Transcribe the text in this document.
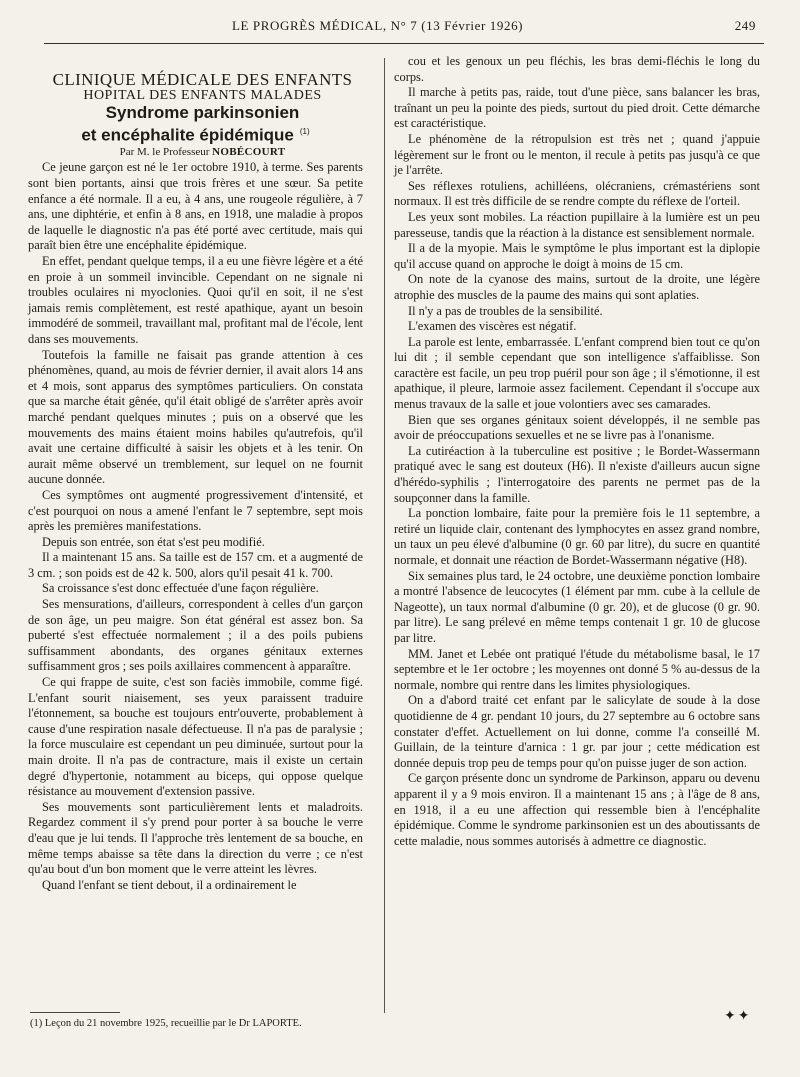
LE PROGRÈS MÉDICAL, N° 7 (13 Février 1926)	249

CLINIQUE MÉDICALE DES ENFANTS

HOPITAL DES ENFANTS MALADES

Syndrome parkinsonien
et encéphalite épidémique $^{(1)}$

Par M. le Professeur NOBÉCOURT

Ce jeune garçon est né le 1er octobre 1910, à terme. Ses parents sont bien portants, ainsi que trois frères et une sœur. Sa petite enfance a été normale. Il a eu, à 4 ans, une rougeole régulière, à 7 ans, une diphtérie, et enfin à 8 ans, en 1918, une maladie à propos de laquelle le diagnostic n'a pas été porté avec certitude, mais qui paraît bien être une encéphalite épidémique.

En effet, pendant quelque temps, il a eu une fièvre légère et a été en proie à un sommeil invincible. Cependant on ne signale ni troubles oculaires ni myoclonies. Quoi qu'il en soit, il ne s'est jamais remis complètement, est resté apathique, ayant un besoin immodéré de sommeil, travaillant mal, profitant mal de l'école, lent dans ses mouvements.

Toutefois la famille ne faisait pas grande attention à ces phénomènes, quand, au mois de février dernier, il avait alors 14 ans et 4 mois, sont apparus des symptômes particuliers. On constata que sa marche était gênée, qu'il était obligé de s'arrêter après avoir marché pendant quelques minutes ; puis on a observé que les mouvements des mains étaient moins habiles qu'autrefois, qu'il avait une certaine difficulté à saisir les objets et à les tenir. On aurait même observé un tremblement, sur lequel on ne fournit aucune donnée.

Ces symptômes ont augmenté progressivement d'intensité, et c'est pourquoi on nous a amené l'enfant le 7 septembre, sept mois après les premières manifestations.

Depuis son entrée, son état s'est peu modifié.

Il a maintenant 15 ans. Sa taille est de 157 cm. et a augmenté de 3 cm. ; son poids est de 42 k. 500, alors qu'il pesait 41 k. 700.

Sa croissance s'est donc effectuée d'une façon régulière.

Ses mensurations, d'ailleurs, correspondent à celles d'un garçon de son âge, un peu maigre. Son état général est assez bon. Sa puberté s'est effectuée normalement ; il a des poils pubiens suffisamment abondants, des organes génitaux externes suffisamment gros ; ses poils axillaires commencent à apparaître.

Ce qui frappe de suite, c'est son faciès immobile, comme figé. L'enfant sourit niaisement, ses yeux paraissent traduire l'étonnement, sa bouche est toujours entr'ouverte, probablement à cause d'une respiration nasale défectueuse. Il n'a pas de paralysie ; la force musculaire est cependant un peu diminuée, surtout pour la main droite. Il n'a pas de contracture, mais il existe un certain degré d'hypertonie, notamment au biceps, qui oppose quelque résistance au mouvement d'extension passive.

Ses mouvements sont particulièrement lents et maladroits. Regardez comment il s'y prend pour porter à sa bouche le verre d'eau que je lui tends. Il l'approche très lentement de sa bouche, en même temps abaisse sa tête dans la direction du verre ; ce n'est qu'au bout d'un bon moment que le verre atteint les lèvres.

Quand l'enfant se tient debout, il a ordinairement le

cou et les genoux un peu fléchis, les bras demi-fléchis le long du corps.

Il marche à petits pas, raide, tout d'une pièce, sans balancer les bras, traînant un peu la pointe des pieds, surtout du pied droit. Cette démarche est caractéristique.

Le phénomène de la rétropulsion est très net ; quand j'appuie légèrement sur le front ou le menton, il recule à petits pas jusqu'à ce que je l'arrête.

Ses réflexes rotuliens, achilléens, olécraniens, crémastériens sont normaux. Il est très difficile de se rendre compte du réflexe de l'orteil.

Les yeux sont mobiles. La réaction pupillaire à la lumière est un peu paresseuse, tandis que la réaction à la distance est sensiblement normale.

Il a de la myopie. Mais le symptôme le plus important est la diplopie qu'il accuse quand on approche le doigt à moins de 15 cm.

On note de la cyanose des mains, surtout de la droite, une légère atrophie des muscles de la paume des mains qui sont aplaties.

Il n'y a pas de troubles de la sensibilité.

L'examen des viscères est négatif.

La parole est lente, embarrassée. L'enfant comprend bien tout ce qu'on lui dit ; il semble cependant que son intelligence s'affaiblisse. Son caractère est facile, un peu trop puéril pour son âge ; il s'émotionne, il est apathique, il pleure, larmoie assez facilement. Cependant il s'occupe aux menus travaux de la salle et joue volontiers avec ses camarades.

Bien que ses organes génitaux soient développés, il ne semble pas avoir de préoccupations sexuelles et ne se livre pas à l'onanisme.

La cutiréaction à la tuberculine est positive ; le Bordet-Wassermann pratiqué avec le sang est douteux (H6). Il n'existe d'ailleurs aucun signe d'hérédo-syphilis ; l'interrogatoire des parents ne permet pas de la soupçonner dans la famille.

La ponction lombaire, faite pour la première fois le 11 septembre, a retiré un liquide clair, contenant des lymphocytes en assez grand nombre, un taux un peu élevé d'albumine (0 gr. 60 par litre), du sucre en quantité normale, et donnait une réaction de Bordet-Wassermann négative (H8).

Six semaines plus tard, le 24 octobre, une deuxième ponction lombaire a montré l'absence de leucocytes (1 élément par mm. cube à la cellule de Nageotte), un taux normal d'albumine (0 gr. 20), et de glucose (0 gr. 90. par litre). Le sang prélevé en même temps contenait 1 gr. 10 de glucose par litre.

MM. Janet et Lebée ont pratiqué l'étude du métabolisme basal, le 17 septembre et le 1er octobre ; les moyennes ont donné 5 % au-dessus de la normale, nombre qui rentre dans les limites physiologiques.

On a d'abord traité cet enfant par le salicylate de soude à la dose quotidienne de 4 gr. pendant 10 jours, du 27 septembre au 6 octobre sans constater d'effet. Actuellement on lui donne, comme l'a conseillé M. Guillain, de la teinture d'arnica : 1 gr. par jour ; cette médication est donnée depuis trop peu de temps pour qu'on puisse juger de son action.

Ce garçon présente donc un syndrome de Parkinson, apparu ou devenu apparent il y a 9 mois environ. Il a maintenant 15 ans ; à l'âge de 8 ans, en 1918, il a eu une affection qui ressemble bien à l'encéphalite épidémique. Comme le syndrome parkinsonien est un des aboutissants de cette maladie, nous sommes autorisés à admettre ce diagnostic.

(1) Leçon du 21 novembre 1925, recueillie par le Dr LAPORTE.	✦✦
